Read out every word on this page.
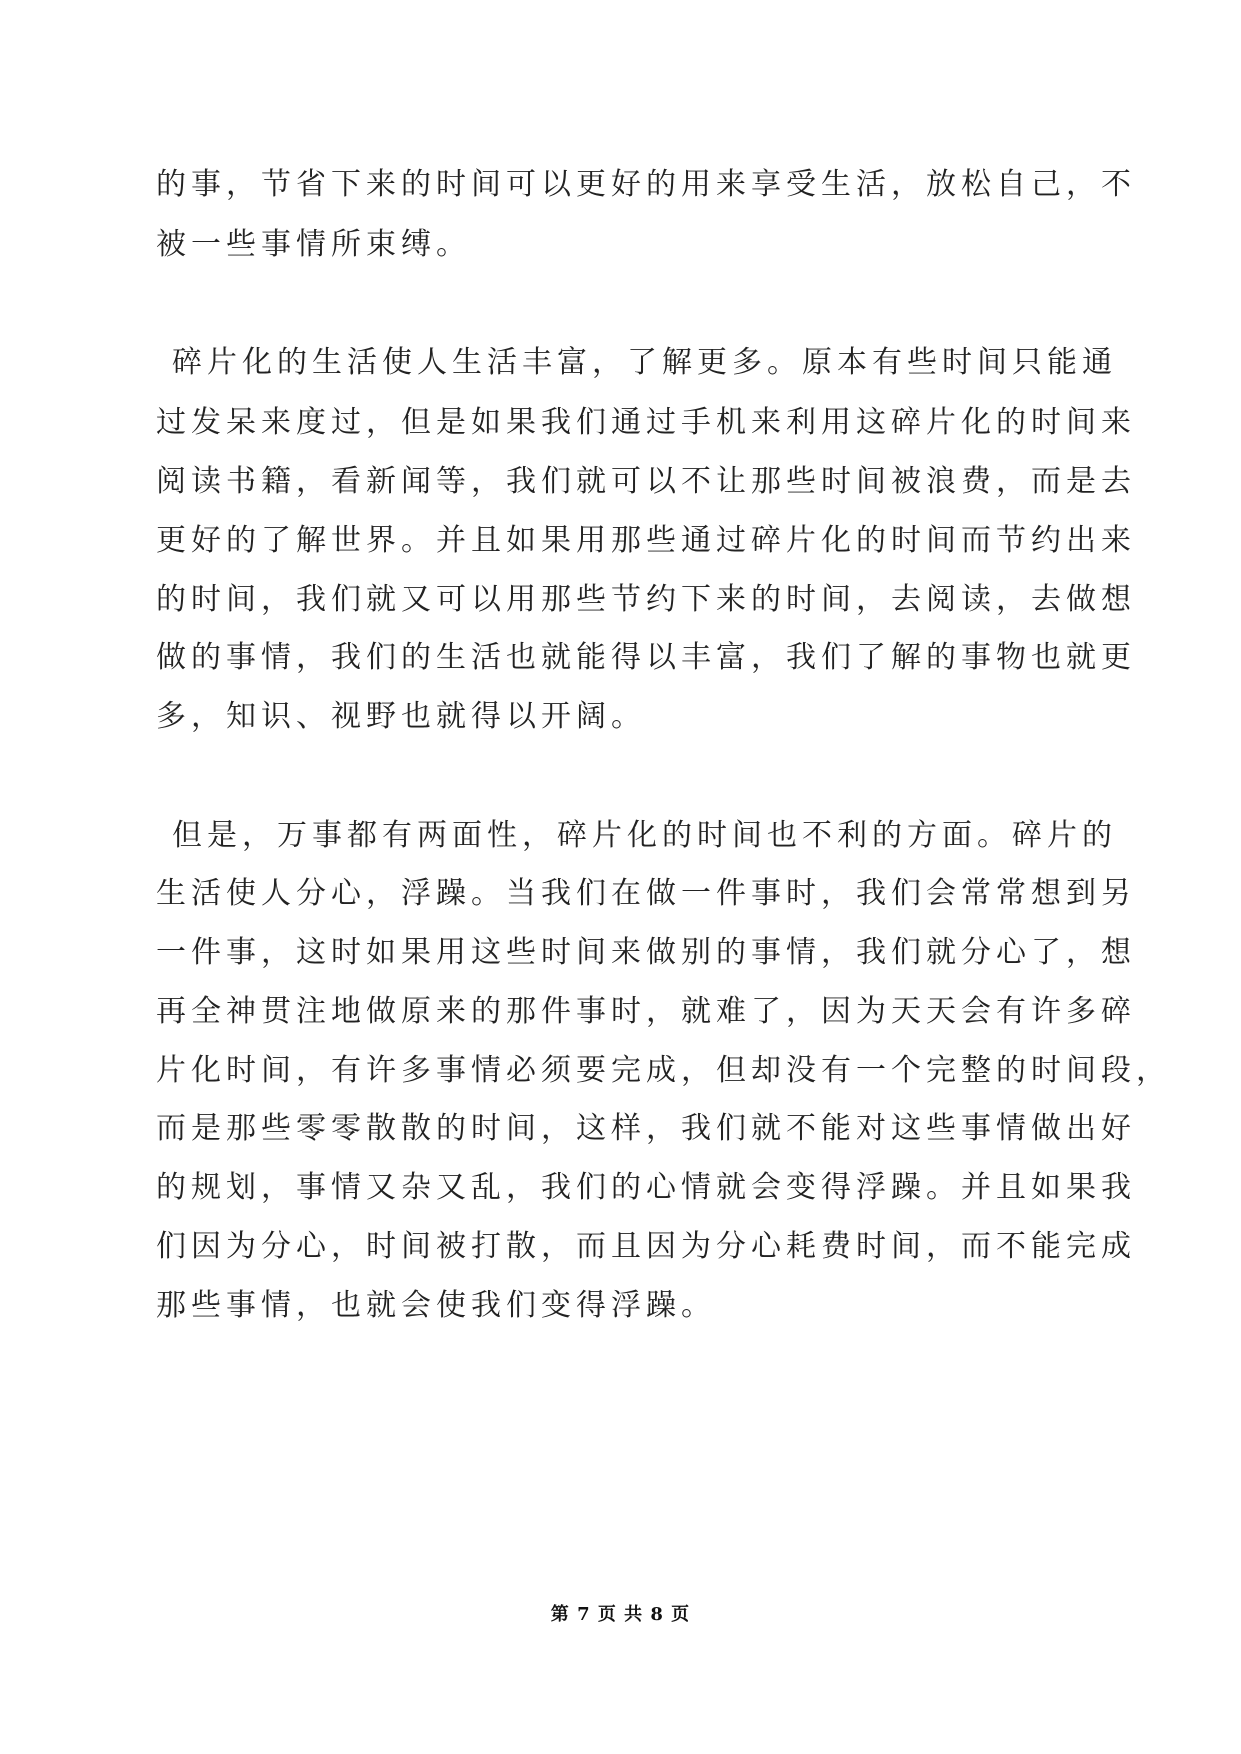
的事，节省下来的时间可以更好的用来享受生活，放松自己，不
被一些事情所束缚。
碎片化的生活使人生活丰富，了解更多。原本有些时间只能通
过发呆来度过，但是如果我们通过手机来利用这碎片化的时间来
阅读书籍，看新闻等，我们就可以不让那些时间被浪费，而是去
更好的了解世界。并且如果用那些通过碎片化的时间而节约出来
的时间，我们就又可以用那些节约下来的时间，去阅读，去做想
做的事情，我们的生活也就能得以丰富，我们了解的事物也就更
多，知识、视野也就得以开阔。
但是，万事都有两面性，碎片化的时间也不利的方面。碎片的
生活使人分心，浮躁。当我们在做一件事时，我们会常常想到另
一件事，这时如果用这些时间来做别的事情，我们就分心了，想
再全神贯注地做原来的那件事时，就难了，因为天天会有许多碎
片化时间，有许多事情必须要完成，但却没有一个完整的时间段，
而是那些零零散散的时间，这样，我们就不能对这些事情做出好
的规划，事情又杂又乱，我们的心情就会变得浮躁。并且如果我
们因为分心，时间被打散，而且因为分心耗费时间，而不能完成
那些事情，也就会使我们变得浮躁。
第 7 页 共 8 页
